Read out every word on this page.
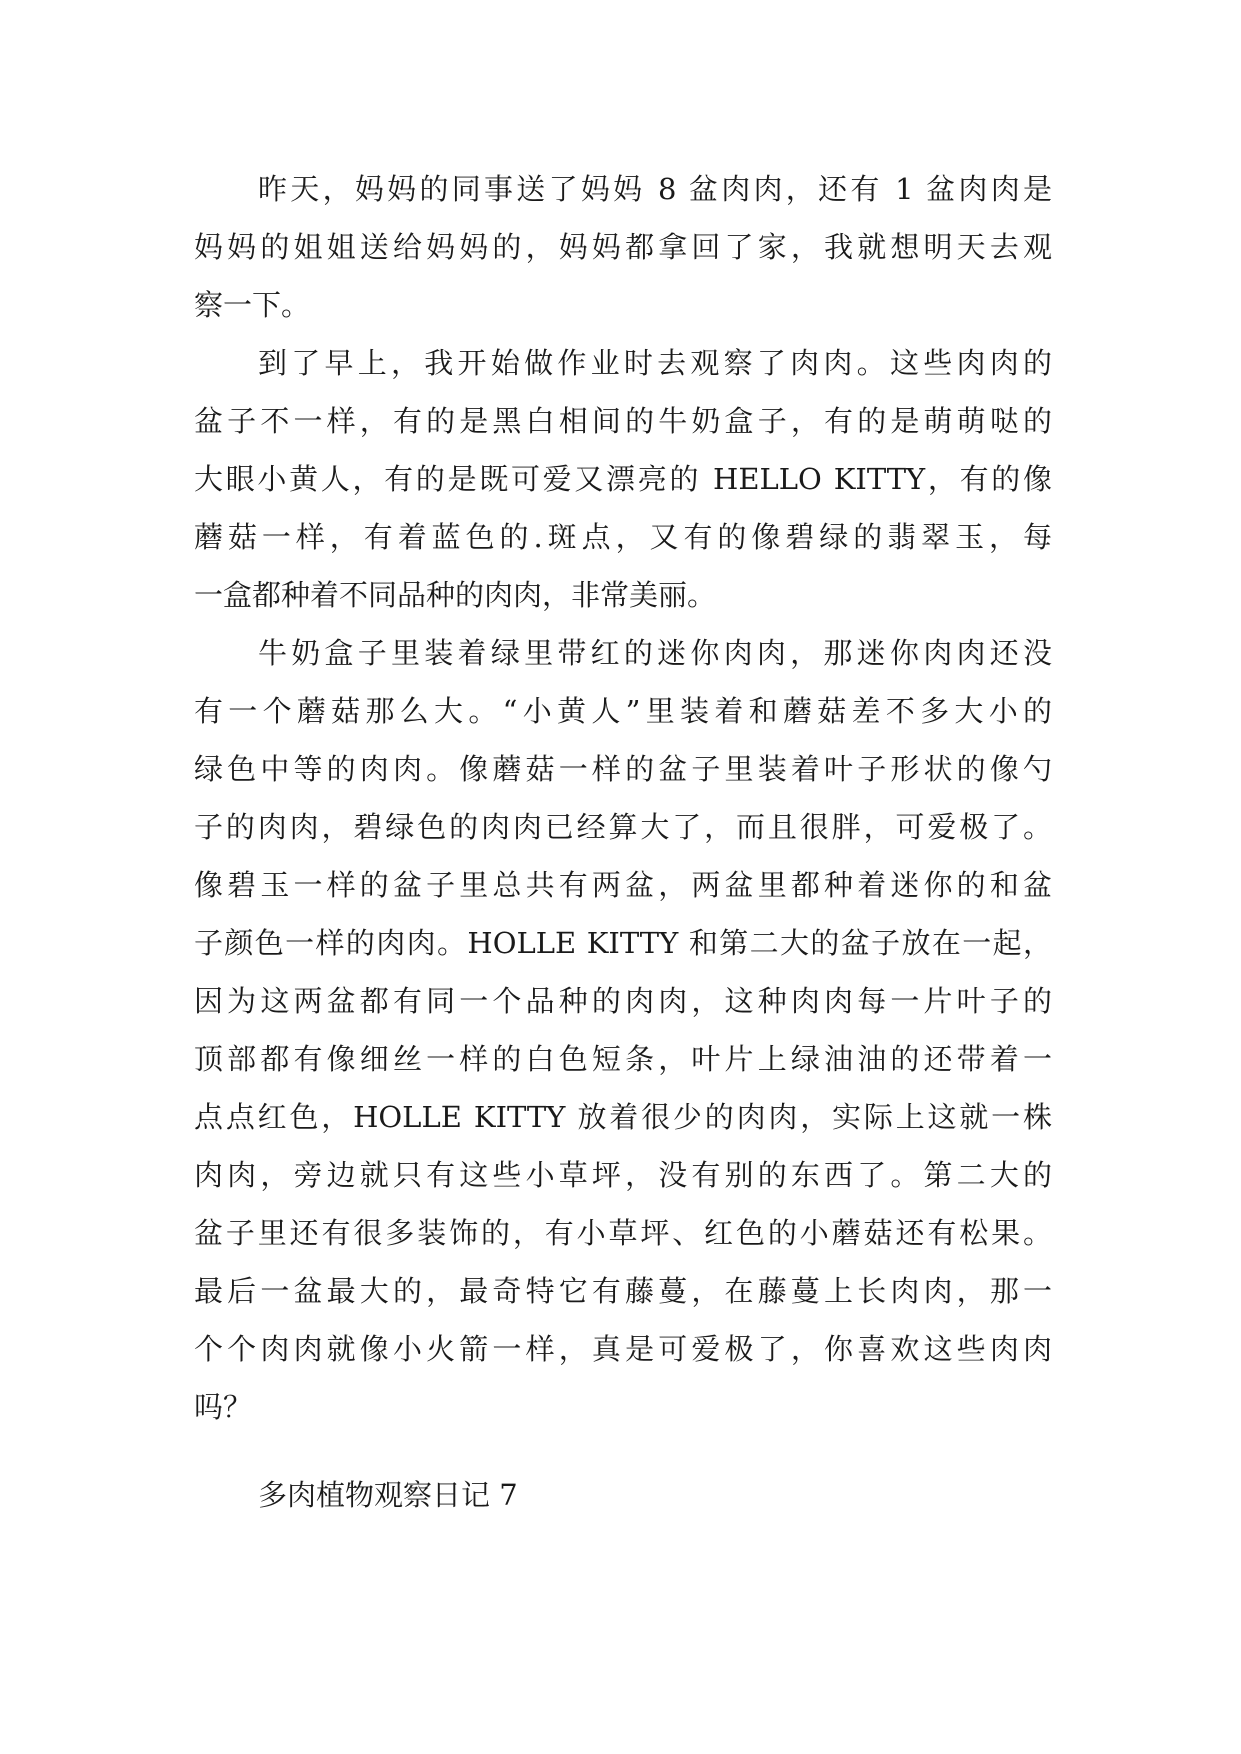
昨天，妈妈的同事送了妈妈 8 盆肉肉，还有 1 盆肉肉是
妈妈的姐姐送给妈妈的，妈妈都拿回了家，我就想明天去观
察一下。
到了早上，我开始做作业时去观察了肉肉。这些肉肉的
盆子不一样，有的是黑白相间的牛奶盒子，有的是萌萌哒的
大眼小黄人，有的是既可爱又漂亮的 HELLO KITTY，有的像
蘑菇一样，有着蓝色的.斑点，又有的像碧绿的翡翠玉，每
一盒都种着不同品种的肉肉，非常美丽。
牛奶盒子里装着绿里带红的迷你肉肉，那迷你肉肉还没
有一个蘑菇那么大。“小黄人”里装着和蘑菇差不多大小的
绿色中等的肉肉。像蘑菇一样的盆子里装着叶子形状的像勺
子的肉肉，碧绿色的肉肉已经算大了，而且很胖，可爱极了。
像碧玉一样的盆子里总共有两盆，两盆里都种着迷你的和盆
子颜色一样的肉肉。HOLLE KITTY 和第二大的盆子放在一起，
因为这两盆都有同一个品种的肉肉，这种肉肉每一片叶子的
顶部都有像细丝一样的白色短条，叶片上绿油油的还带着一
点点红色，HOLLE KITTY 放着很少的肉肉，实际上这就一株
肉肉，旁边就只有这些小草坪，没有别的东西了。第二大的
盆子里还有很多装饰的，有小草坪、红色的小蘑菇还有松果。
最后一盆最大的，最奇特它有藤蔓，在藤蔓上长肉肉，那一
个个肉肉就像小火箭一样，真是可爱极了，你喜欢这些肉肉
吗？
多肉植物观察日记 7
